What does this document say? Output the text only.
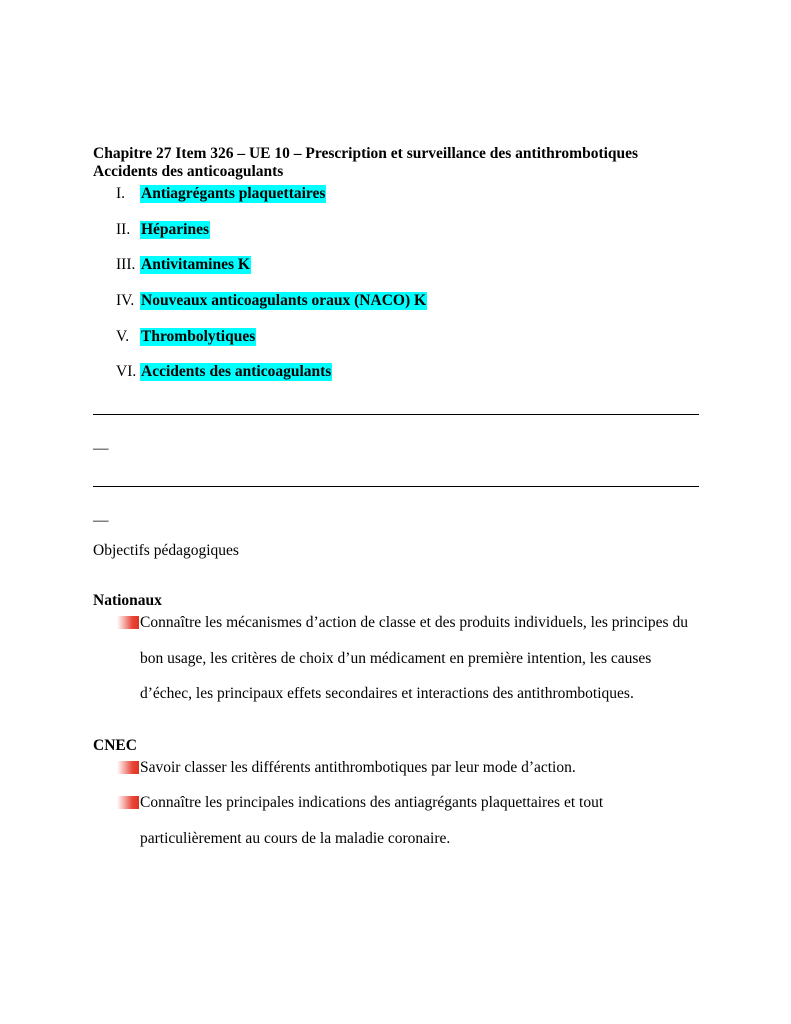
Chapitre 27 Item 326 – UE 10 – Prescription et surveillance des antithrombotiques
Accidents des anticoagulants
I.	Antiagrégants plaquettaires
II. Héparines
III. Antivitamines K
IV. Nouveaux anticoagulants oraux (NACO) K
V. Thrombolytiques
VI. Accidents des anticoagulants
—
—
Objectifs pédagogiques
Nationaux
Connaître les mécanismes d’action de classe et des produits individuels, les principes du
bon usage, les critères de choix d’un médicament en première intention, les causes
d’échec, les principaux effets secondaires et interactions des antithrombotiques.
CNEC
Savoir classer les différents antithrombotiques par leur mode d’action.
Connaître les principales indications des antiagrégants plaquettaires et tout
particulièrement au cours de la maladie coronaire.
